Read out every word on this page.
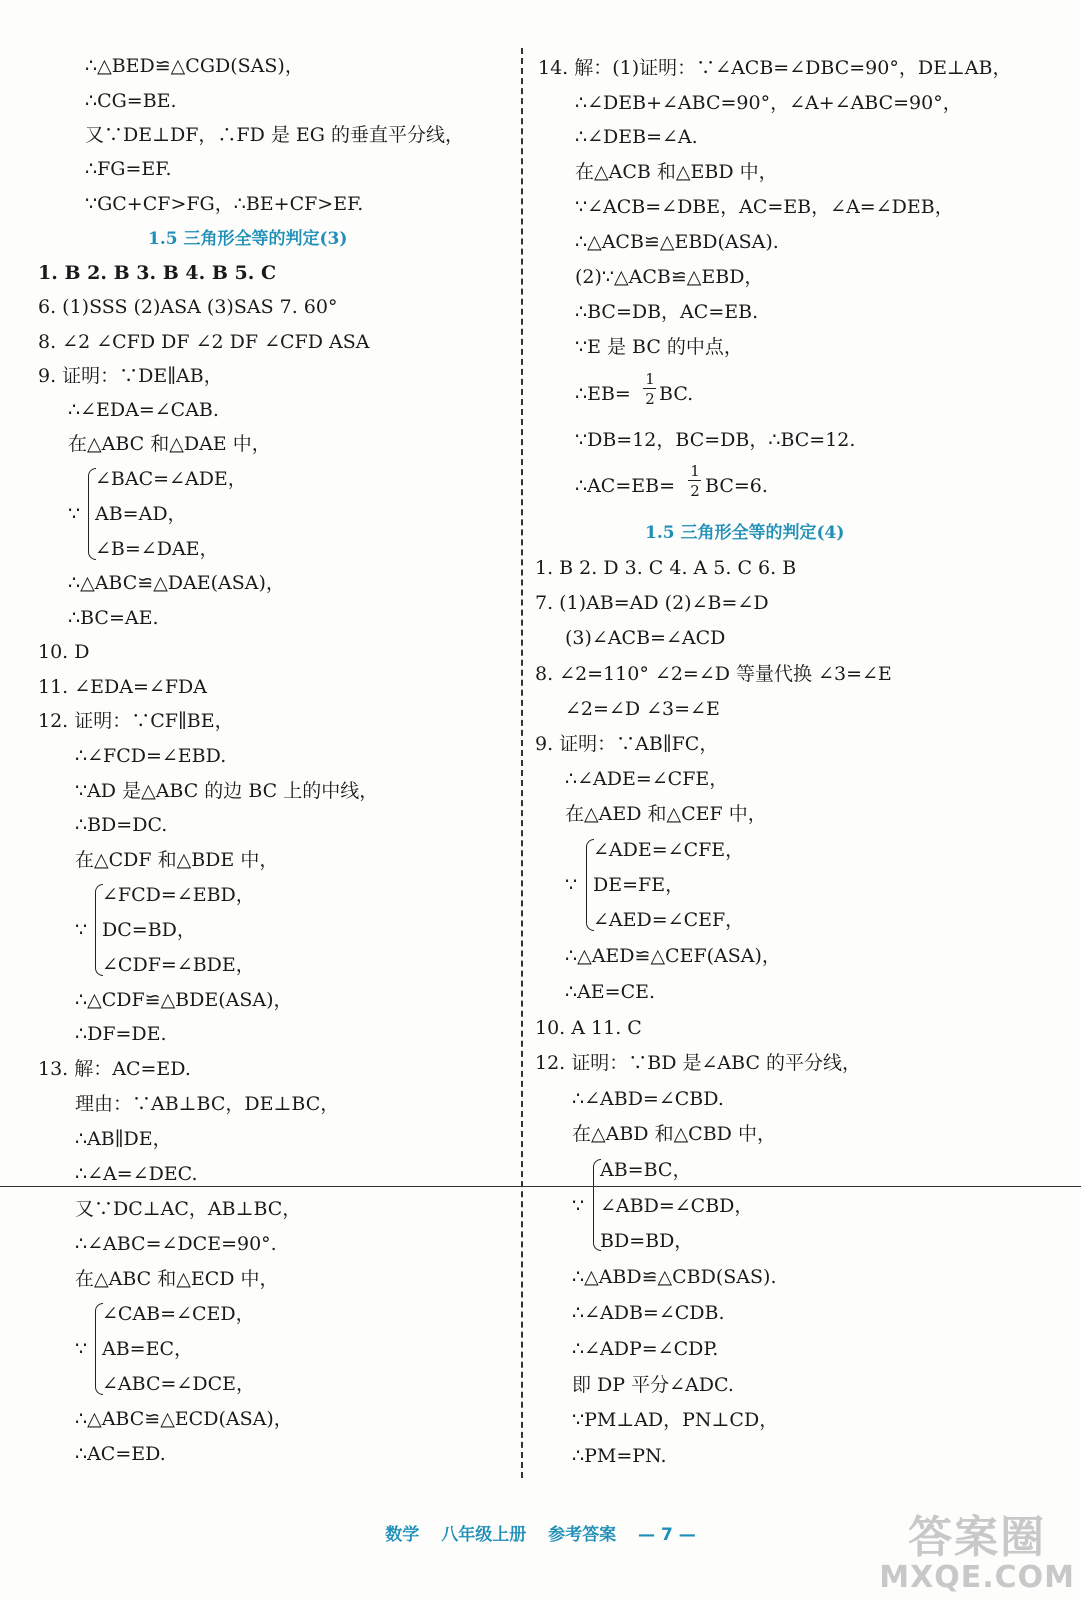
∴△BED≌△CGD(SAS)，
∴CG=BE.
又∵DE⊥DF，∴FD 是 EG 的垂直平分线，
∴FG=EF.
∵GC+CF>FG，∴BE+CF>EF.
1. B 2. B 3. B 4. B 5. C
6. (1)SSS (2)ASA (3)SAS 7. 60°
8. ∠2 ∠CFD DF ∠2 DF ∠CFD ASA
9. 证明：∵DE∥AB，
∴∠EDA=∠CAB.
在△ABC 和△DAE 中，
∠BAC=∠ADE，
∵ AB=AD，
∠B=∠DAE，
∴△ABC≌△DAE(ASA)，
∴BC=AE.
10. D
11. ∠EDA=∠FDA
12. 证明：∵CF∥BE，
∴∠FCD=∠EBD.
∵AD 是△ABC 的边 BC 上的中线，
∴BD=DC.
在△CDF 和△BDE 中，
∠FCD=∠EBD，
∵ DC=BD，
∠CDF=∠BDE，
∴△CDF≌△BDE(ASA)，
∴DF=DE.
13. 解：AC=ED.
理由：∵AB⊥BC，DE⊥BC，
∴AB∥DE，
∴∠A=∠DEC.
又∵DC⊥AC，AB⊥BC，
∴∠ABC=∠DCE=90°.
在△ABC 和△ECD 中，
∠CAB=∠CED，
∵ AB=EC，
∠ABC=∠DCE，
∴△ABC≌△ECD(ASA)，
∴AC=ED.
14. 解：(1)证明：∵∠ACB=∠DBC=90°，DE⊥AB，
∴∠DEB+∠ABC=90°，∠A+∠ABC=90°，
∴∠DEB=∠A.
在△ACB 和△EBD 中，
∵∠ACB=∠DBE，AC=EB，∠A=∠DEB，
∴△ACB≌△EBD(ASA).
(2)∵△ACB≌△EBD，
∴BC=DB，AC=EB.
∵E 是 BC 的中点，
∴EB= BC.
∵DB=12，BC=DB，∴BC=12.
∴AC=EB= BC=6.
1. B 2. D 3. C 4. A 5. C 6. B
7. (1)AB=AD (2)∠B=∠D
(3)∠ACB=∠ACD
8. ∠2=110° ∠2=∠D 等量代换 ∠3=∠E
∠2=∠D ∠3=∠E
9. 证明：∵AB∥FC，
∴∠ADE=∠CFE，
在△AED 和△CEF 中，
∠ADE=∠CFE，
∵ DE=FE，
∠AED=∠CEF，
∴△AED≌△CEF(ASA)，
∴AE=CE.
10. A 11. C
12. 证明：∵BD 是∠ABC 的平分线，
∴∠ABD=∠CBD.
在△ABD 和△CBD 中，
AB=BC，
∵ ∠ABD=∠CBD，
BD=BD，
∴△ABD≌△CBD(SAS).
∴∠ADB=∠CDB.
∴∠ADP=∠CDP.
即 DP 平分∠ADC.
∵PM⊥AD，PN⊥CD，
∴PM=PN.
1.5 三角形全等的判定(3)
1.5 三角形全等的判定(4)
1
2
1
2
数学 八年级上册 参考答案 — 7 —	答案圈
MXQE.COM
